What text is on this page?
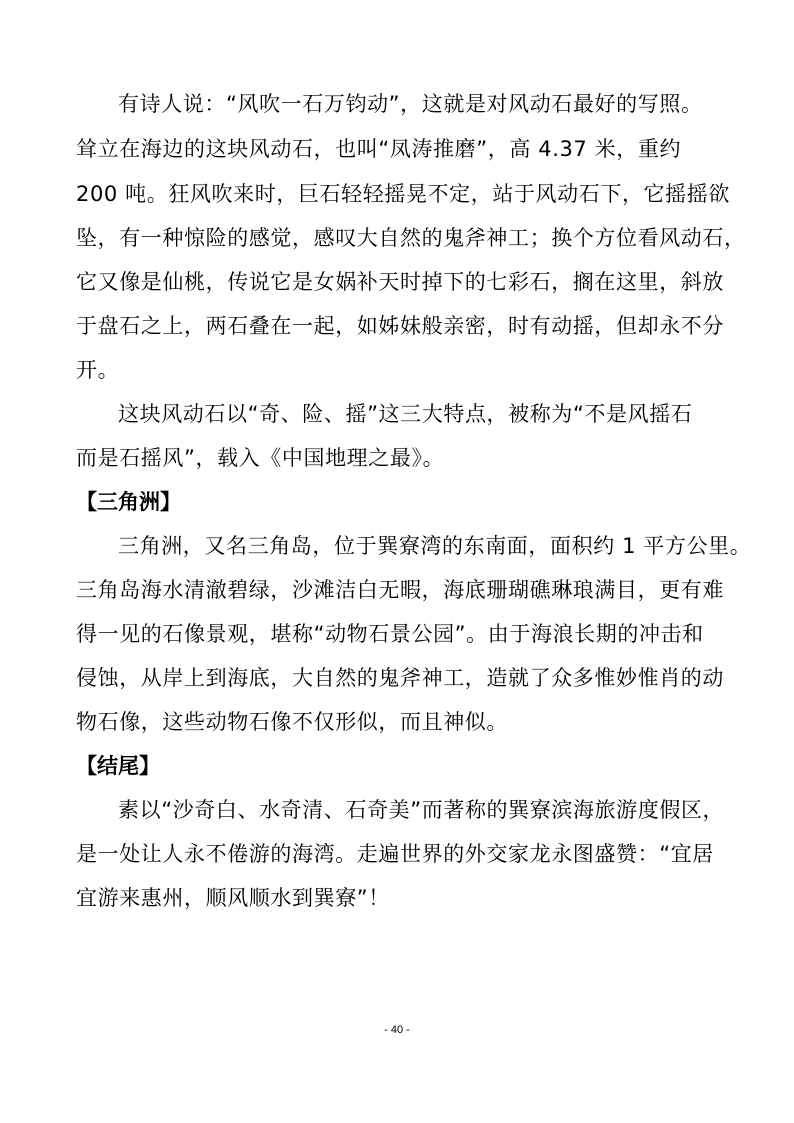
有诗人说：“风吹一石万钧动”，这就是对风动石最好的写照。
耸立在海边的这块风动石，也叫“凤涛推磨”，高 4.37 米，重约
200 吨。狂风吹来时，巨石轻轻摇晃不定，站于风动石下，它摇摇欲
坠，有一种惊险的感觉，感叹大自然的鬼斧神工；换个方位看风动石，
它又像是仙桃，传说它是女娲补天时掉下的七彩石，搁在这里，斜放
于盘石之上，两石叠在一起，如姊妹般亲密，时有动摇，但却永不分
开。
这块风动石以“奇、险、摇”这三大特点，被称为“不是风摇石
而是石摇风”，载入《中国地理之最》。
【三角洲】
三角洲，又名三角岛，位于巽寮湾的东南面，面积约 1 平方公里。
三角岛海水清澈碧绿，沙滩洁白无暇，海底珊瑚礁琳琅满目，更有难
得一见的石像景观，堪称“动物石景公园”。由于海浪长期的冲击和
侵蚀，从岸上到海底，大自然的鬼斧神工，造就了众多惟妙惟肖的动
物石像，这些动物石像不仅形似，而且神似。
【结尾】
素以“沙奇白、水奇清、石奇美”而著称的巽寮滨海旅游度假区，
是一处让人永不倦游的海湾。走遍世界的外交家龙永图盛赞：“宜居
宜游来惠州，顺风顺水到巽寮”！
- 40 -
